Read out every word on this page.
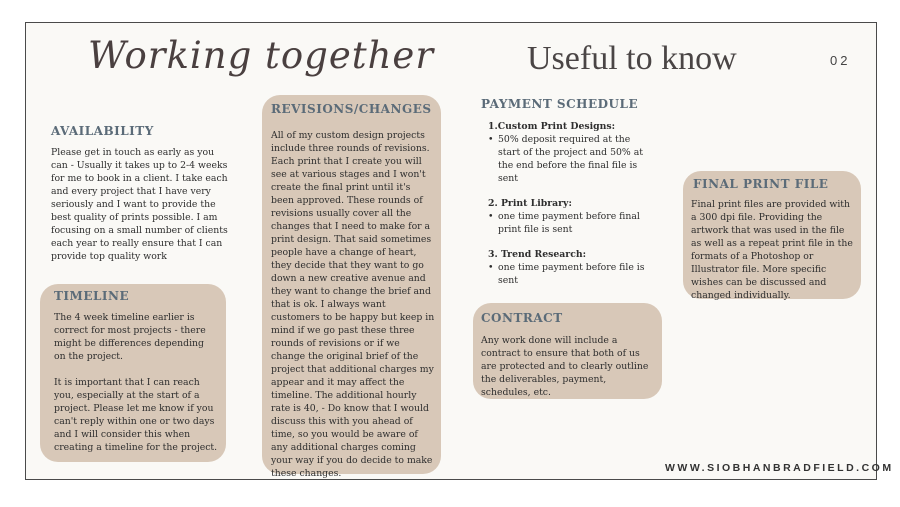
Working together	Useful to know	02
AVAILABILITY
Please get in touch as early as you can - Usually it takes up to 2-4 weeks for me to book in a client. I take each and every project that I have very seriously and I want to provide the best quality of prints possible. I am focusing on a small number of clients each year to really ensure that I can provide top quality work
TIMELINE
The 4 week timeline earlier is correct for most projects - there might be differences depending on the project.
It is important that I can reach you, especially at the start of a project. Please let me know if you can't reply within one or two days and I will consider this when creating a timeline for the project.
REVISIONS/CHANGES
All of my custom design projects include three rounds of revisions. Each print that I create you will see at various stages and I won't create the final print until it's been approved. These rounds of revisions usually cover all the changes that I need to make for a print design. That said sometimes people have a change of heart, they decide that they want to go down a new creative avenue and they want to change the brief and that is ok. I always want customers to be happy but keep in mind if we go past these three rounds of revisions or if we change the original brief of the project that additional charges my appear and it may affect the timeline. The additional hourly rate is 40, - Do know that I would discuss this with you ahead of time, so you would be aware of any additional charges coming your way if you do decide to make these changes.
PAYMENT SCHEDULE
1.Custom Print Designs:
• 50% deposit required at the start of the project and 50% at the end before the final file is sent
2. Print Library:
• one time payment before final print file is sent
3. Trend Research:
• one time payment before file is sent
CONTRACT
Any work done will include a contract to ensure that both of us are protected and to clearly outline the deliverables, payment, schedules, etc.
FINAL PRINT FILE
Final print files are provided with a 300 dpi file. Providing the artwork that was used in the file as well as a repeat print file in the formats of a Photoshop or Illustrator file. More specific wishes can be discussed and changed individually.
WWW.SIOBHANBRADFIELD.COM
